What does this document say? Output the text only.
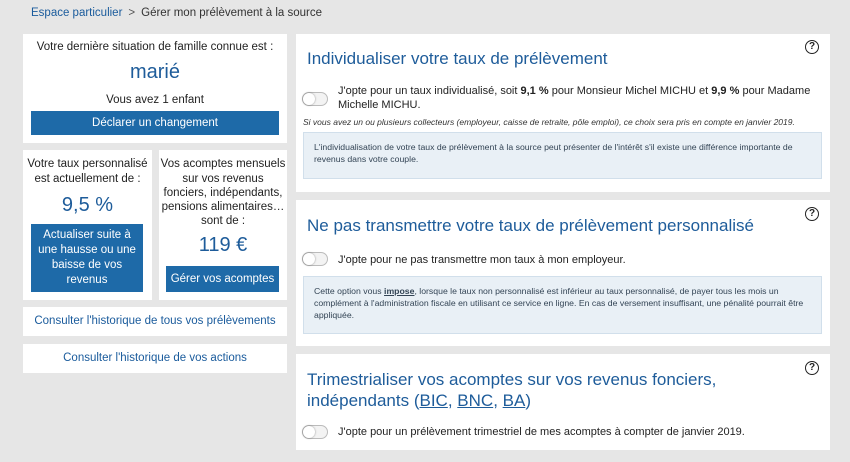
Espace particulier > Gérer mon prélèvement à la source
Votre dernière situation de famille connue est :
marié
Vous avez 1 enfant
Déclarer un changement
Votre taux personnalisé
est actuellement de :
9,5 %
Actualiser suite à
une hausse ou une
baisse de vos
revenus
Vos acomptes mensuels
sur vos revenus
fonciers, indépendants,
pensions alimentaires…
sont de :
119 €
Gérer vos acomptes
Consulter l'historique de tous vos prélèvements
Consulter l'historique de vos actions
Individualiser votre taux de prélèvement
?
J'opte pour un taux individualisé, soit 9,1 % pour Monsieur Michel MICHU et 9,9 % pour Madame
Michelle MICHU.
Si vous avez un ou plusieurs collecteurs (employeur, caisse de retraite, pôle emploi), ce choix sera pris en compte en janvier 2019.
L'individualisation de votre taux de prélèvement à la source peut présenter de l'intérêt s'il existe une différence importante de revenus dans votre couple.
Ne pas transmettre votre taux de prélèvement personnalisé
?
J'opte pour ne pas transmettre mon taux à mon employeur.
Cette option vous impose, lorsque le taux non personnalisé est inférieur au taux personnalisé, de payer tous les mois un complément à l'administration fiscale en utilisant ce service en ligne. En cas de versement insuffisant, une pénalité pourrait être appliquée.
Trimestrialiser vos acomptes sur vos revenus fonciers,
indépendants (BIC, BNC, BA)
?
J'opte pour un prélèvement trimestriel de mes acomptes à compter de janvier 2019.
